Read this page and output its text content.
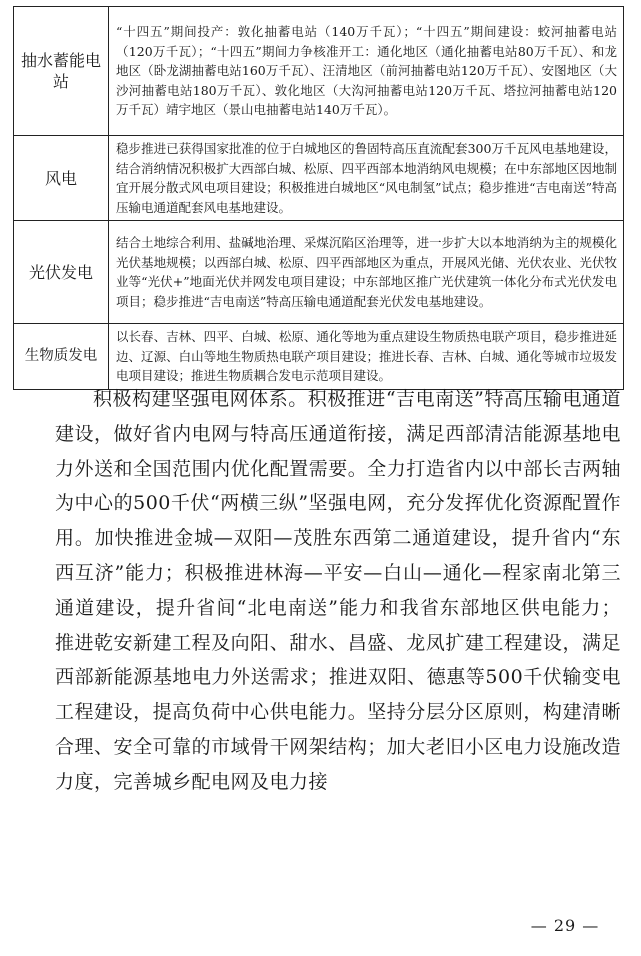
抽水蓄能电站	“十四五”期间投产：敦化抽蓄电站（140万千瓦）；“十四五”期间建设：蛟河抽蓄电站（120万千瓦）；“十四五”期间力争核准开工：通化地区（通化抽蓄电站80万千瓦）、和龙地区（卧龙湖抽蓄电站160万千瓦）、汪清地区（前河抽蓄电站120万千瓦）、安图地区（大沙河抽蓄电站180万千瓦）、敦化地区（大沟河抽蓄电站120万千瓦、塔拉河抽蓄电站120万千瓦）靖宇地区（景山电抽蓄电站140万千瓦）。
风电	稳步推进已获得国家批准的位于白城地区的鲁固特高压直流配套300万千瓦风电基地建设，结合消纳情况积极扩大西部白城、松原、四平西部本地消纳风电规模；在中东部地区因地制宜开展分散式风电项目建设；积极推进白城地区“风电制氢”试点；稳步推进“吉电南送”特高压输电通道配套风电基地建设。
光伏发电	结合土地综合利用、盐碱地治理、采煤沉陷区治理等，进一步扩大以本地消纳为主的规模化光伏基地规模；以西部白城、松原、四平西部地区为重点，开展风光储、光伏农业、光伏牧业等“光伏+”地面光伏并网发电项目建设；中东部地区推广光伏建筑一体化分布式光伏发电项目；稳步推进“吉电南送”特高压输电通道配套光伏发电基地建设。
生物质发电	以长春、吉林、四平、白城、松原、通化等地为重点建设生物质热电联产项目，稳步推进延边、辽源、白山等地生物质热电联产项目建设；推进长春、吉林、白城、通化等城市垃圾发电项目建设；推进生物质耦合发电示范项目建设。

积极构建坚强电网体系。积极推进“吉电南送”特高压输电通道建设，做好省内电网与特高压通道衔接，满足西部清洁能源基地电力外送和全国范围内优化配置需要。全力打造省内以中部长吉两轴为中心的500千伏“两横三纵”坚强电网，充分发挥优化资源配置作用。加快推进金城—双阳—茂胜东西第二通道建设，提升省内“东西互济”能力；积极推进林海—平安—白山—通化—程家南北第三通道建设，提升省间“北电南送”能力和我省东部地区供电能力；推进乾安新建工程及向阳、甜水、昌盛、龙凤扩建工程建设，满足西部新能源基地电力外送需求；推进双阳、德惠等500千伏输变电工程建设，提高负荷中心供电能力。坚持分层分区原则，构建清晰合理、安全可靠的市域骨干网架结构；加大老旧小区电力设施改造力度，完善城乡配电网及电力接

— 29 —
